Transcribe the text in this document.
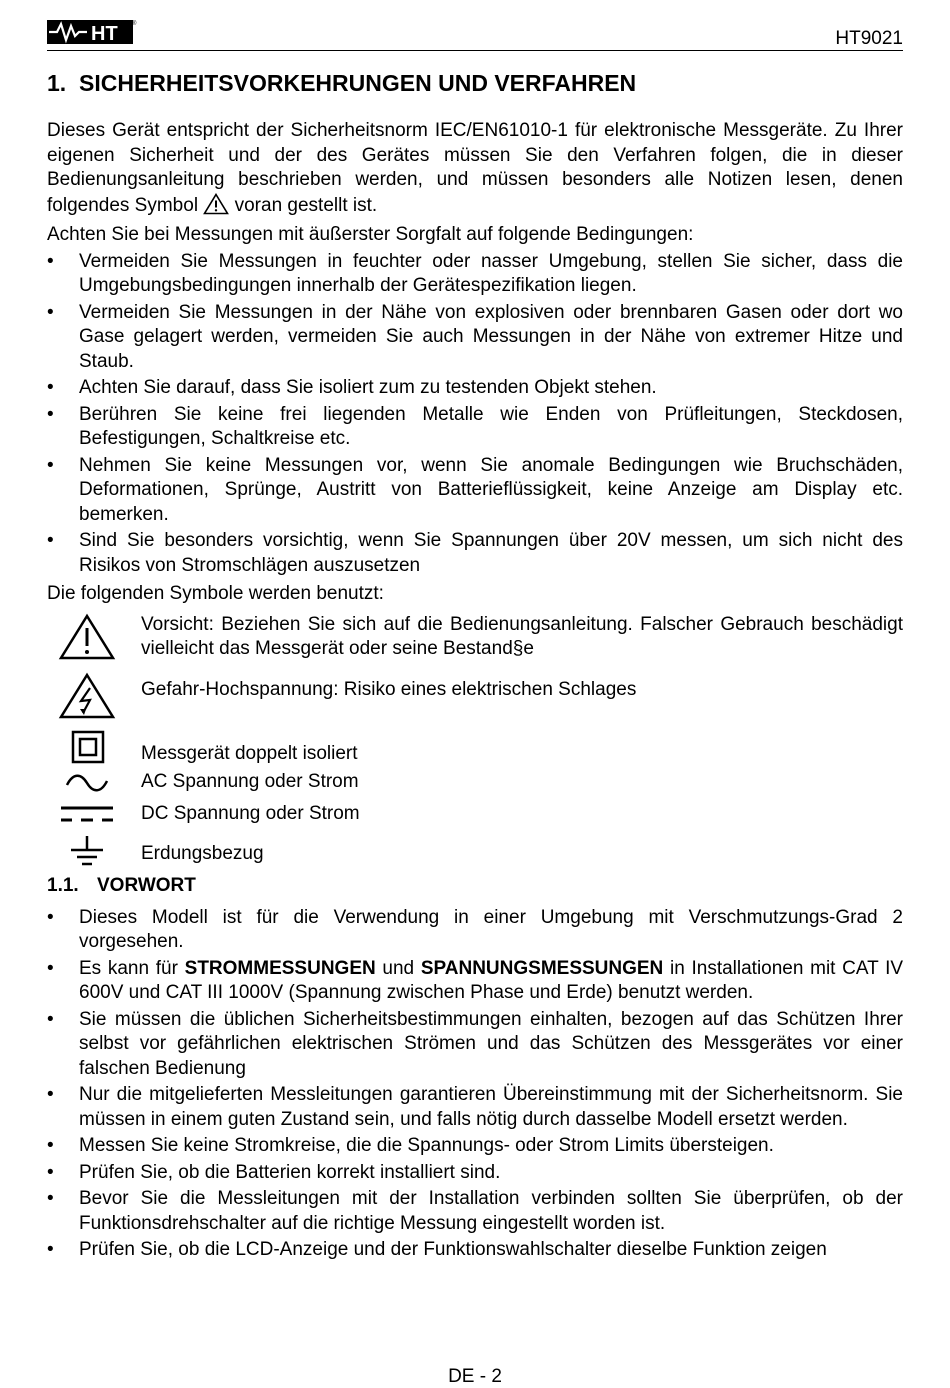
HT ®
HT9021
1. SICHERHEITSVORKEHRUNGEN UND VERFAHREN

Dieses Gerät entspricht der Sicherheitsnorm IEC/EN61010-1 für elektronische Messgeräte. Zu Ihrer eigenen Sicherheit und der des Gerätes müssen Sie den Verfahren folgen, die in dieser Bedienungsanleitung beschrieben werden, und müssen besonders alle Notizen lesen, denen folgendes Symbol voran gestellt ist.

Achten Sie bei Messungen mit äußerster Sorgfalt auf folgende Bedingungen:

• Vermeiden Sie Messungen in feuchter oder nasser Umgebung, stellen Sie sicher, dass die Umgebungsbedingungen innerhalb der Gerätespezifikation liegen.
• Vermeiden Sie Messungen in der Nähe von explosiven oder brennbaren Gasen oder dort wo Gase gelagert werden, vermeiden Sie auch Messungen in der Nähe von extremer Hitze und Staub.
• Achten Sie darauf, dass Sie isoliert zum zu testenden Objekt stehen.
• Berühren Sie keine frei liegenden Metalle wie Enden von Prüfleitungen, Steckdosen, Befestigungen, Schaltkreise etc.
• Nehmen Sie keine Messungen vor, wenn Sie anomale Bedingungen wie Bruchschäden, Deformationen, Sprünge, Austritt von Batterieflüssigkeit, keine Anzeige am Display etc. bemerken.
• Sind Sie besonders vorsichtig, wenn Sie Spannungen über 20V messen, um sich nicht des Risikos von Stromschlägen auszusetzen

Die folgenden Symbole werden benutzt:

Vorsicht: Beziehen Sie sich auf die Bedienungsanleitung. Falscher Gebrauch beschädigt vielleicht das Messgerät oder seine Bestand§e
Gefahr-Hochspannung: Risiko eines elektrischen Schlages
Messgerät doppelt isoliert
AC Spannung oder Strom
DC Spannung oder Strom
Erdungsbezug
1.1. VORWORT
• Dieses Modell ist für die Verwendung in einer Umgebung mit Verschmutzungs-Grad 2 vorgesehen.
• Es kann für STROMMESSUNGEN und SPANNUNGSMESSUNGEN in Installationen mit CAT IV 600V und CAT III 1000V (Spannung zwischen Phase und Erde) benutzt werden.
• Sie müssen die üblichen Sicherheitsbestimmungen einhalten, bezogen auf das Schützen Ihrer selbst vor gefährlichen elektrischen Strömen und das Schützen des Messgerätes vor einer falschen Bedienung
• Nur die mitgelieferten Messleitungen garantieren Übereinstimmung mit der Sicherheitsnorm. Sie müssen in einem guten Zustand sein, und falls nötig durch dasselbe Modell ersetzt werden.
• Messen Sie keine Stromkreise, die die Spannungs- oder Strom Limits übersteigen.
• Prüfen Sie, ob die Batterien korrekt installiert sind.
• Bevor Sie die Messleitungen mit der Installation verbinden sollten Sie überprüfen, ob der Funktionsdrehschalter auf die richtige Messung eingestellt worden ist.
• Prüfen Sie, ob die LCD-Anzeige und der Funktionswahlschalter dieselbe Funktion zeigen
DE - 2
